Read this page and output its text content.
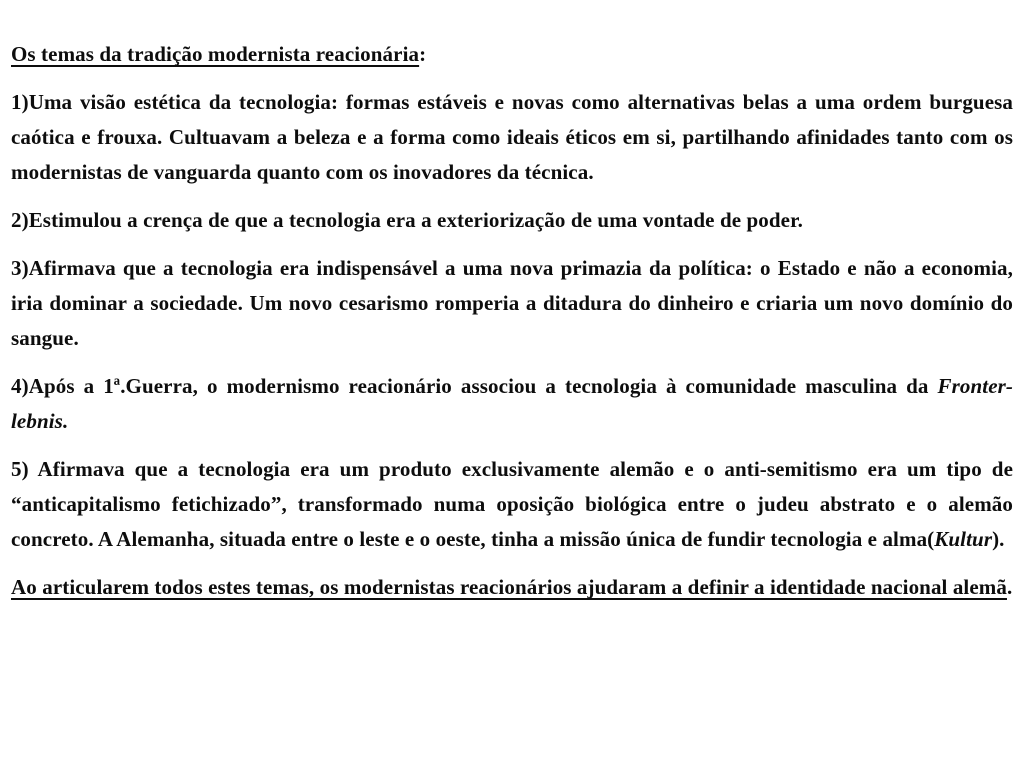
Os temas da tradição modernista reacionária:

1)Uma visão estética da tecnologia: formas estáveis e novas como alternativas belas a uma ordem burguesa caótica e frouxa. Cultuavam a beleza e a forma como ideais éticos em si, partilhando afinidades tanto com os modernistas de vanguarda quanto com os inovadores da técnica.

2)Estimulou a crença de que a tecnologia era a exteriorização de uma vontade de poder.

3)Afirmava que a tecnologia era indispensável a uma nova primazia da política: o Estado e não a economia, iria dominar a sociedade. Um novo cesarismo romperia a ditadura do dinheiro e criaria um novo domínio do sangue.

4)Após a 1ª.Guerra, o modernismo reacionário associou a tecnologia à comunidade masculina da Fronter-lebnis.

5) Afirmava que a tecnologia era um produto exclusivamente alemão e o anti-semitismo era um tipo de “anticapitalismo fetichizado”, transformado numa oposição biológica entre o judeu abstrato e o alemão concreto. A Alemanha, situada entre o leste e o oeste, tinha a missão única de fundir tecnologia e alma(Kultur).

Ao articularem todos estes temas, os modernistas reacionários ajudaram a definir a identidade nacional alemã.
